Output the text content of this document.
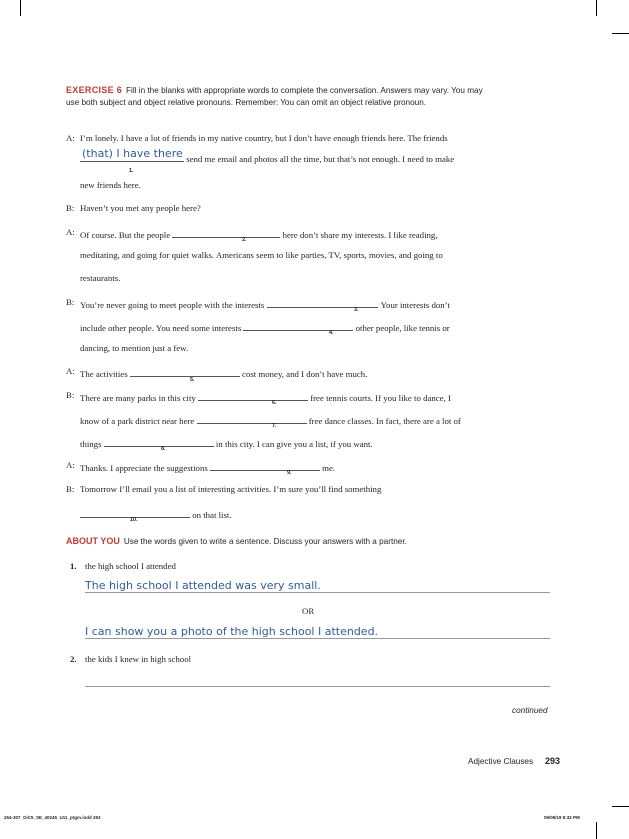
EXERCISE 6 Fill in the blanks with appropriate words to complete the conversation. Answers may vary. You may use both subject and object relative pronouns. Remember: You can omit an object relative pronoun.
A: I’m lonely. I have a lot of friends in my native country, but I don’t have enough friends here. The friends
(that) I have there send me email and photos all the time, but that’s not enough. I need to make
1.
new friends here.
B: Haven’t you met any people here?
A: Of course. But the people	here don’t share my interests. I like reading,
2.
meditating, and going for quiet walks. Americans seem to like parties, TV, sports, movies, and going to
restaurants.
B: You’re never going to meet people with the interests	. Your interests don’t
3.
include other people. You need some interests	other people, like tennis or
4.
dancing, to mention just a few.
A: The activities	cost money, and I don’t have much.
5.
B: There are many parks in this city	free tennis courts. If you like to dance, I
6.
know of a park district near here	free dance classes. In fact, there are a lot of
7.
things	in this city. I can give you a list, if you want.
8.
A: Thanks. I appreciate the suggestions	me.
9.
B: Tomorrow I’ll email you a list of interesting activities. I’m sure you’ll find something
on that list.
10.
ABOUT YOU Use the words given to write a sentence. Discuss your answers with a partner.
1. the high school I attended
The high school I attended was very small.
OR
I can show you a photo of the high school I attended.
2. the kids I knew in high school
continued
Adjective Clauses 293
264-307_GiC5_SE_40245_U11_ptgm.indd 293	09/09/19 5:32 PM
